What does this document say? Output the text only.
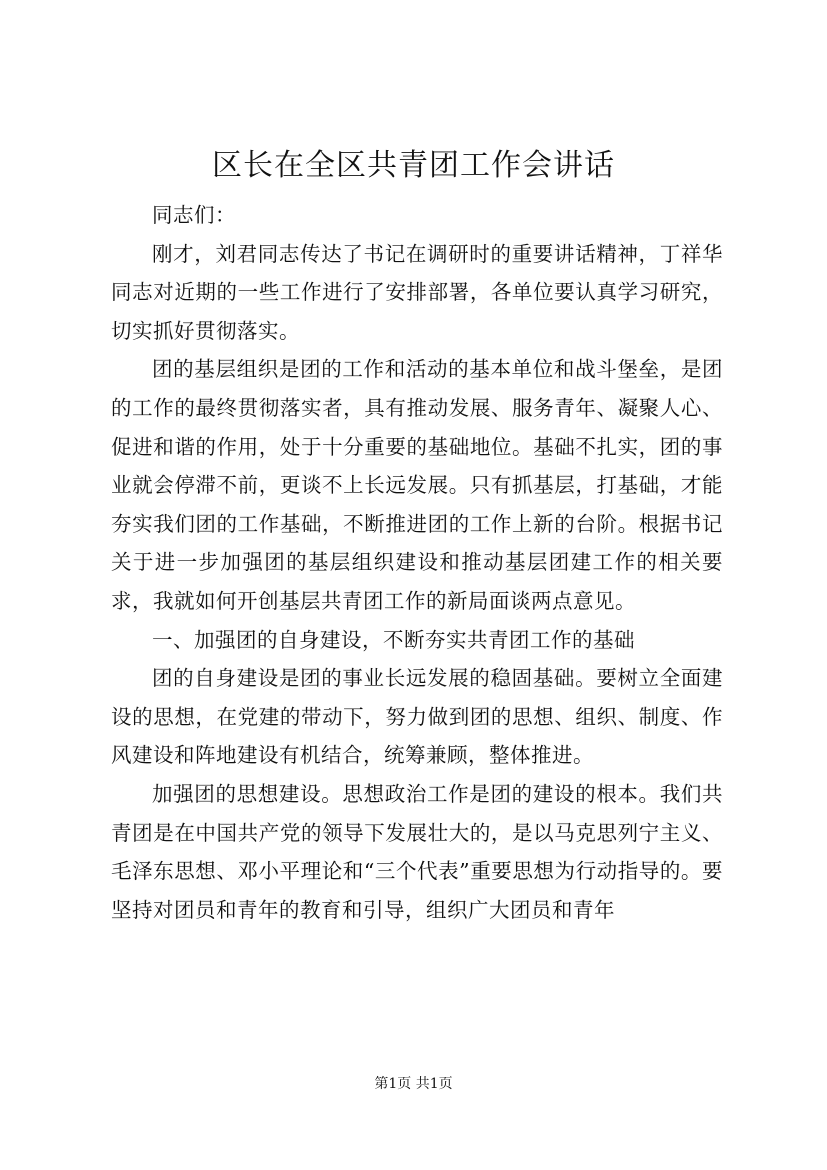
区长在全区共青团工作会讲话

同志们：

刚才，刘君同志传达了书记在调研时的重要讲话精神，丁祥华同志对近期的一些工作进行了安排部署，各单位要认真学习研究，切实抓好贯彻落实。

团的基层组织是团的工作和活动的基本单位和战斗堡垒，是团的工作的最终贯彻落实者，具有推动发展、服务青年、凝聚人心、促进和谐的作用，处于十分重要的基础地位。基础不扎实，团的事业就会停滞不前，更谈不上长远发展。只有抓基层，打基础，才能夯实我们团的工作基础，不断推进团的工作上新的台阶。根据书记关于进一步加强团的基层组织建设和推动基层团建工作的相关要求，我就如何开创基层共青团工作的新局面谈两点意见。

一、加强团的自身建设，不断夯实共青团工作的基础

团的自身建设是团的事业长远发展的稳固基础。要树立全面建设的思想，在党建的带动下，努力做到团的思想、组织、制度、作风建设和阵地建设有机结合，统筹兼顾，整体推进。

加强团的思想建设。思想政治工作是团的建设的根本。我们共青团是在中国共产党的领导下发展壮大的，是以马克思列宁主义、毛泽东思想、邓小平理论和“三个代表”重要思想为行动指导的。要坚持对团员和青年的教育和引导，组织广大团员和青年

第1页 共1页
